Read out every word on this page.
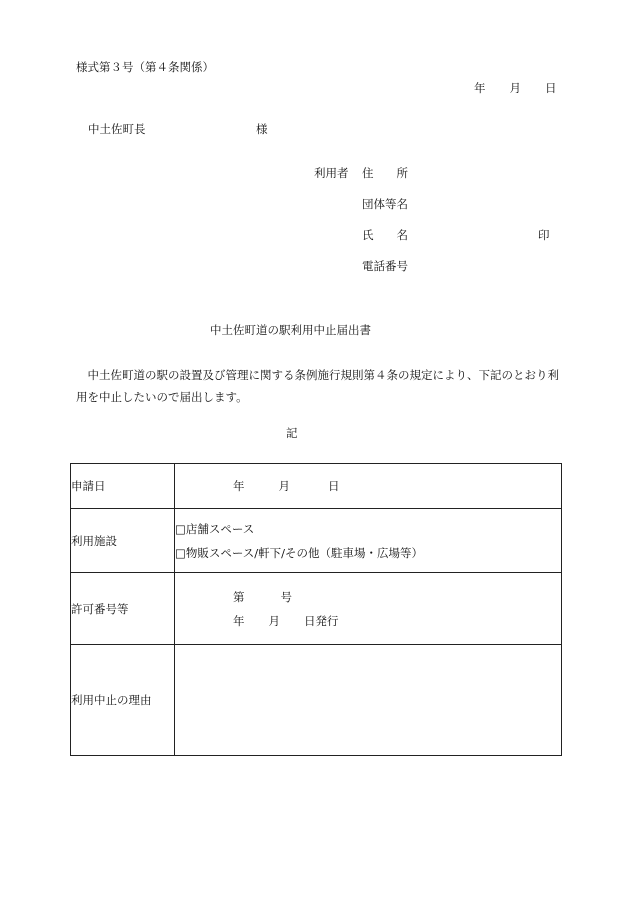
様式第３号（第４条関係）
年 月 日
中土佐町長	様
利用者 住　　所
団体等名
氏　　名	印
電話番号
中土佐町道の駅利用中止届出書
中土佐町道の駅の設置及び管理に関する条例施行規則第４条の規定により、下記のとおり利用を中止したいので届出します。
記
申請日	年 月 日
利用施設	□店舗スペース
□物販スペース/軒下/その他（駐車場・広場等）

許可番号等	第 号
年 月 日発行

利用中止の理由	
